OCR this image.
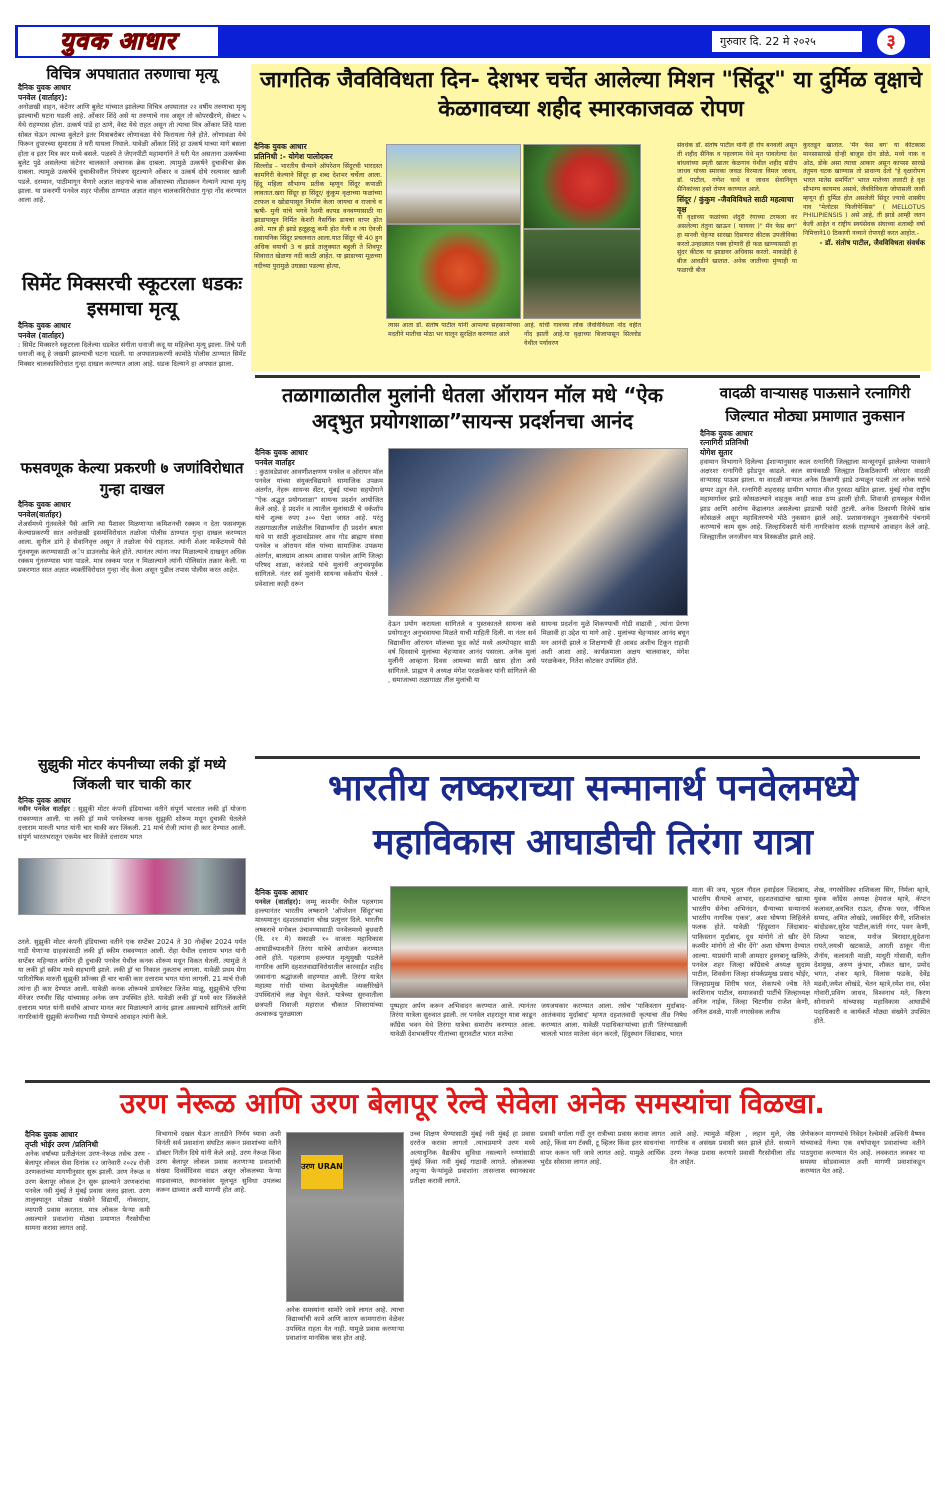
युवक आधार	गुरुवार दि. 22 मे २०२५	३
विचित्र अपघातात तरुणाचा मृत्यू
दैनिक युवक आधार
पनवेल (वार्ताहर):
अनोळखी वाहन, कंटेनर आणि बुलेट यांच्यात झालेल्या विचित्र अपघातात २२ वर्षीय तरुणाचा मृत्यू झाल्याची घटना घडली आहे. ओंकार शिंदे असे या तरुणाचे नाव असून तो कोपरखैरणे, सेक्टर ५ येथे राहण्यास होता. उत्कर्ष पांडे हा ठाणे, वेस्ट येथे राहत असून तो त्याचा मित्र ओंकार शिंदे याला सोबत घेऊन त्याच्या बुलेटने इतर मित्राबरोबर लोणावळा येथे फिरायला गेले होते. लोणावळा येथे फिरून दुपारच्या सुमारास ते घरी यायला निघाले. यावेळी ओंकार शिंदे हा उत्कर्ष याच्या मागे बसला होता व इतर मित्र कार मध्ये बसले. पळस्पे ते जेएनपीटी महामार्गाने ते घरी येत असताना उत्कर्षच्या बुलेट पुढे असलेल्या कंटेनर चालकाने अचानक ब्रेक दाबला. त्यामुळे उत्कर्षने दुचाकीचा ब्रेक दाबला. त्यामुळे उत्कर्षचे दुचाकीवरील नियंत्रण सुटल्याने ओंकार व उत्कर्ष दोघे रस्त्यावर खाली पडले. दरम्यान, पाठीमागून येणारे अज्ञात वाहनाचे चाक ओंकारच्या तोंडावरून गेल्याने त्याचा मृत्यू झाला. या प्रकरणी पनवेल शहर पोलीस ठाण्यात अज्ञात वाहन चालकाविरोधात गुन्हा नोंद करण्यात आला आहे.
सिमेंट मिक्सरची स्कूटरला धडकः इसमाचा मृत्यू
दैनिक युवक आधार
पनवेल (वार्ताहर)
: सिमेंट मिक्सरने स्कूटरला दिलेल्या धडकेत संगीता धनाजी कदू या महिलेचा मृत्यू झाला. तिचे पती धनाजी कदू हे जखमी झाल्याची घटना घडली. या अपघातप्रकरणी कामोठे पोलीस ठाण्यात सिमेंट मिक्सर चालकाविरोधात गुन्हा दाखल करण्यात आला आहे. धडक दिल्याने हा अपघात झाला.
फसवणूक केल्या प्रकरणी ७ जणांविरोधात गुन्हा दाखल
दैनिक युवक आधार
पनवेल(वार्ताहर)
शेअर्समध्ये गुंतवलेले पैसे आणि त्या पैशावर मिळणाऱ्या कमिशनची रक्कम न देता फसवणूक केल्याप्रकरणी सात अनोळखी इसमांविरोधात तळोजा पोलीस ठाण्यात गुन्हा दाखल करण्यात आला. सुनील डांगे हे सेवानिवृत्त असून ते तळोजा येथे राहतात. त्यांनी शेअर मार्केटमध्ये पैसे गुंतवणूक करण्यासाठी अॅप डाउनलोड केले होते. त्यानंतर त्यांना नफा मिळाल्याचे दाखवून अधिक रक्कम गुंतवण्यास भाग पाडले. मात्र रक्कम परत न मिळाल्याने त्यांनी पोलिसांत तक्रार केली. या प्रकरणात सात अज्ञात व्यक्तींविरोधात गुन्हा नोंद केला असून पुढील तपास पोलीस करत आहेत.
सुझुकी मोटर कंपनीच्या लकी ड्रॉ मध्ये जिंकली चार चाकी कार
दैनिक युवक आधार
नवीन पनवेल वार्ताहर : सुझुकी मोटर कंपनी इंडियाच्या वतीने संपूर्ण भारतात लकी ड्रॉ योजना राबवण्यात आली. या लकी ड्रॉ मध्ये पनवेलच्या कनक सुझुकी शोरूम मधून दुचाकी घेतलेले दत्ताराम मारुती भगत यांनी चार चाकी कार जिंकली. 21 मार्च रोजी त्यांना ही कार देण्यात आली. संपूर्ण भारतभरातून एकमेव चार विजेते दत्ताराम भगत
ठरले. सुझुकी मोटर कंपनी इंडियाच्या वतीने एक सप्टेंबर 2024 ते 30 नोव्हेंबर 2024 पर्यंत गाडी घेणाऱ्या ग्राहकांसाठी लकी ड्रॉ स्कीम राबवण्यात आली. रोहा येथील दत्ताराम भगत यांनी सप्टेंबर महिन्यात बर्गमेन ही दुचाकी पनवेल येथील कनक शोरूम मधून विकत घेतली. त्यामुळे ते या लकी ड्रॉ स्कीम मध्ये सहभागी झाले. लकी ड्रॉ चा निकाल नुकताच लागला. यावेळी प्रथम मेगा पारितोषिक मारुती सुझुकी फ्रॉन्क्स ही चार चाकी कार दत्ताराम भगत यांना लागली. 21 मार्च रोजी त्यांना ही कार देण्यात आली. यावेळी कनक शोरूमचे डायरेक्टर जितेश माळू, सुझुकीचे एरिया मॅनेजर रणवीर सिंह यांच्यासह अनेक जण उपस्थित होते. यावेळी लकी ड्रॉ मध्ये कार जिंकलेले दत्ताराम भगत यांनी सर्वांचे आभार मानत कार मिळाल्याने आनंद झाला असल्याचे सांगितले आणि नागरिकांनी सुझुकी कंपनीच्या गाडी घेण्याचे आवाहन त्यांनी केले.
जागतिक जैवविविधता दिन- देशभर चर्चेत आलेल्या मिशन "सिंदूर" या दुर्मिळ वृक्षाचे केळगावच्या शहीद स्मारकाजवळ रोपण
दैनिक युवक आधार
प्रतिनिधी :- योगेश पालोदकर
सिल्लोड - भारतीय सैन्याने ऑपरेशन सिंदूरची भारदस्त कामगिरी केल्याने सिंदूर हा शब्द देशभर चर्चेला आला. हिंदू महिला सौभाग्य प्रतीक म्हणून सिंदूर कपाळी लावतात.खरा सिंदूर हा सिंदूर/ कुंकुम वृक्षाच्या फळांच्या टरफल व खोडापासून निर्माण केला जायचा व राजाचे व ऋषी- मुनी यांचे भगवे रेशमी कापड वनवण्यासाठी या झाडापासून निर्मित केशरी नैसर्गिक डायचा वापर होत असे. मात्र ही झाडे हळूहळू कमी होत गेली व त्या ऐवजी रासायनिक सिंदूर प्रचलनात आला.यात सिंदूर ची 40 हुन अधिक वयाची 3 च झाडे तालुक्यात बहुली ते शिवपूर शिवारात खेळणा नदी काठी आहेत. या झाडाच्या मूळच्या नदीच्या पुरामुळे उघड्या पडल्या होत्या,
त्यास आता डॉ. संतोष पाटील यांनी आपल्या सहकाऱ्यांच्या मदतीने मातीचा मोठा भर घालून सुरक्षित करण्यात आले
आहे. यांची गावच्या लोक जैवविविधता नोंद वहीत नोंद झाली आहे.या वृक्षाच्या बिजापासून सिल्लोड येथील पर्यावरण
संवर्धक डॉ. संतोष पाटील यांनी ही रोप बनवली असून ती शहीद सैनिक व पहलगाम येथे मृत पावलेल्या देश बांधवांच्या स्मृती खातर केळगाव येथील शहीद संदीप जाधव यांच्या स्मारका जवळ विरमाता विमल जाधव, डॉ. पाटील, गणेश चाथे व जाधव सेवानिवृत्त सैनिकांच्या हस्ते रोपण करण्यात आले.
सिंदूर / कुंकुम -जैवविविधते साठी महत्वाचा वृक्ष
या वृक्षाच्या फळांच्या शेंदुरी रंगाच्या टरफला वर असलेल्या तंतुना खाऊन ( फायवर )" मॅन फेस बग" हा मानवी चेहऱ्या सारखा दिसणारा कीटक उपजीविका करतो.उन्हाळ्यात पक्व होणारी ही फळ खाण्यासाठी हा सुंदर कीटक या झाडावर अधिवास करतो. माकडेही हे बीज आवडीने खातात. अनेक जातीच्या मुंग्याही या फळाची बीज
कुरतडून खातात. 'मॅन फेस बग' या कीटकास मानसासारखे दोन्ही बाजूस दोन डोळे, मध्ये नाक व ओठ, डोके असा त्याचा आकार असून कापसा सारखे तंतुमय घटक खाण्यास तो प्राधान्य देतो "हे वृक्षारोपण भारत मातेस समर्पित" भारत मातेच्या ललाटी हे वृक्ष सौभाग्य कायमच असावे, जैवविविधता जोपासली जावी म्हणून ही दुर्मिळ होत असलेली सिंदूर ज्याचे शास्त्रीय नाव "मेलोटस फिलीपेन्सिस" ( MELLOTUS PHILIPIENSIS ) असे आहे, ती झाडे आम्ही जतन केली आहेत व राष्ट्रीय स्वयंसेवक संघाच्या शताब्दी वर्षा निमित्ताने10 ठिकाणी नव्याने रोपणही करत आहोत.-
- डॉ. संतोष पाटील, जैवविविधता संवर्धक
तळागाळातील मुलांनी धेतला ऑरायन मॉल मधे “ऐक अद्‌भुत प्रयोगशाळा”सायन्स प्रदर्शनचा आनंद
दैनिक युवक आधार
पनवेल वार्ताहर
: कुठावडेप्रावर आवणीशक्षणण पनवेल व ऑरायन मॉल पनवेल यांच्या संयुक्तविद्यमाने सामाजिक उपक्रम अंतर्गत, नेहरू सायन्स सेंटर, मुंबई यांच्या सहयोगाने "ऐक अद्भुत प्रयोगशाळा" सायन्स प्रदर्शन आयोजित केले आहे. हे प्रदर्शन व त्यातील मुलांसाठी चे वर्कशॉप यांचे शुल्क रुपए ३०० पेक्षा जास्त आहे. परंतु तळागाळातील शाळेतील विद्यार्थ्यांना ही प्रदर्शन बघता यावे या साठी कुठावडेप्रावर आव गोड ब्राह्मण संस्था पनवेल व ऑरायन मॉल यांच्या सामाजिक उपक्रमा अंतर्गत, बालग्राम आश्रम आवास पनवेल आणि जिल्हा परिषद शाळा, करंजाडे यांचे मुलांनी अनुभवपूर्वक सांगितले. नंतर सर्व मुलांनी सायन्स वर्कशॉप घेतले . प्रवेशाला काही दरून
देऊन प्रयोग करायला सांगितले व पुस्तकातले सायन्स कसे प्रयोगातून अनुभवायचा मिळते याची माहिती दिली. या नंतर सर्व विद्यार्थीना ऑरायन मॉलच्या फूड कोर्ट मध्ये अल्पोपहार साठी वर्ष दिवसाचे मुलांच्या चेहऱ्यावर आनंद पसरला. अनेक मुलां मुलींनी आव्हाना दिवस आमच्या साठी खास होता असे सांगितले. प्राह्मण ये अध्यक्ष मंगेश परळकेकर यांनी सांगितले की , समाजाच्या तळागाळा तील मुलांची या
सायन्स प्रदर्शना मुळे शिकण्याची गोडी वाढावी , त्यांना प्रेरणा मिळावी हा उद्देश या मागे आहे . मुलांच्या चेहऱ्यावर आनंद बघून मन आनंदी झाले व शिक्षणाची ही आवड अशीच टिकून राहावी अशी आशा आहे. कार्यक्रमाला अक्षय चालवाकर, मंगेश परळकेकर, नितेश कोटकर उपस्थित होते.
वादळी वाऱ्यासह पाऊसाने रत्नागिरी जिल्यात मोठ्या प्रमाणात नुकसान
दैनिक युवक आधार
रत्नागिरी प्रतिनिधी
योगेश सुतार
हवामान विभागाने दिलेल्या ईशाऱ्यानुसार काल रत्नागिरी जिल्ह्याला मान्सूनपूर्व झालेल्या पावसाने अक्षरशः रत्नागिरी झोडपून काढले. काल सायंकाळी जिल्ह्यात ठिकठिकाणी जोरदार वादळी वाऱ्यासह पाऊस झाला. या वादळी वाऱ्यात अनेक ठिकाणी झाडे उन्मळून पडली तर अनेक घरांचे छप्पर उडून गेले. रत्नागिरी शहरासह ग्रामीण भागात वीज पुरवठा खंडित झाला. मुंबई गोवा राष्ट्रीय महामार्गावर झाडे कोसळल्याने वाहतूक काही काळ ठप्प झाली होती. शिवाजी हायस्कूल येथील झाड आणि आरोग्य केंद्रालगत असलेल्या झाडाची फांदी तुटली. अनेक ठिकाणी विजेचे खांब कोसळले असून महावितरणचे मोठे नुकसान झाले आहे. प्रशासनाकडून नुकसानीचे पंचनामे करण्याचे काम सुरू आहे. जिल्हाधिकारी यांनी नागरिकांना सतर्क राहण्याचे आवाहन केले आहे. जिल्ह्यातील जनजीवन मात्र विस्कळीत झाले आहे.
भारतीय लष्कराच्या सन्मानार्थ पनवेलमध्ये महाविकास आघाडीची तिरंगा यात्रा
दैनिक युवक आधार
पनवेल (वार्ताहर): जम्मू काश्मीर येथील पहलगाम हल्ल्यानंतर भारतीय लष्कराने 'ऑपरेशन सिंदूर'च्या माध्यमातून दहशतवाद्यांना चोख प्रत्युत्तर दिले. भारतीय लष्कराचे मनोबल उंचावण्यासाठी पनवेलमध्ये बुधवारी (दि. २१ मे) सकाळी १० वाजता महाविकास आघाडीच्यावतीने तिरंगा यात्रेचे आयोजन करण्यात आले होते. पहलगाम हल्ल्यात मृत्युमुखी पडलेले नागरिक आणि दहशतवाद्यांविरोधातील कारवाईत शहीद जवानांना श्रद्धांजली वाहण्यात आली. तिरंगा यात्रेत महात्मा गांधी यांच्या वेशभूषेतील व्यक्तीरेखेने उपस्थितांचे लक्ष वेधून घेतले. यात्रेच्या सुरुवातीला छत्रपती शिवाजी महाराज चौकात शिवरायांच्या अश्वारूढ पुतळ्याला
पुष्पहार अर्पण करून अभिवादन करण्यात आले. त्यानंतर तिरंगा यात्रेला सुरुवात झाली. तर पनवेल शहरातून यात्रा काढून काँग्रेस भवन येथे तिरंगा यात्रेचा समारोप करण्यात आला. यावेळी देशभक्तीपर गीतांच्या सुरावटीत भारत मातेचा
जयजयकार करण्यात आला. तसेच 'पाकिस्तान मुर्दाबाद- आतंकवाद मुर्दाबाद' म्हणत दहशतवादी कृत्याचा तीव्र निषेध करण्यात आला. यावेळी पदाधिकाऱ्यांच्या हाती 'तिरंग्याखाली चालतो भारत मातेला वंदन करतो, हिंदुस्थान जिंदाबाद, भारत
माता की जय, भूदल नौदल हवाईदल जिंदाबाद, भारतीय सैन्याचे आभार, दहशतवाद्यांचा खात्मा भारतीय सेनेचा अभिनंदन, सैन्याच्या सन्मानार्थ भारतीय नागरिक एकत्र', अशा घोषणा लिहिलेले फलक होते. यावेळी 'हिंदुस्तान जिंदाबाद- पाकिस्तान मुर्दाबाद, दूध मांगोगे तो खीर देंगे कश्मीर मांगोगे तो चीर देंगे' अशा घोषणा देण्यात आल्या. याप्रसंगी माजी आमदार हुस्नबानू खलिफे, पनवेल शहर जिल्हा काँग्रेसचे अध्यक्ष सुदाम पाटील, शिवसेना जिल्हा संपर्कप्रमुख प्रसाद भोईर, जिल्हाप्रमुख शिरीष घरत, शेकापचे ज्येष्ठ नेते काशिनाथ पाटील, समाजवादी पार्टीचे जिल्हाध्यक्ष अनिल नाईक, जिल्हा चिटणीस राजेश केणी, अनिल ढवळे, माजी नगरसेवक लतीफ
शेख, नगरसेविका शशिकला सिंग, निर्मला म्हात्रे, युवक काँग्रेस अध्यक्ष हेमराज म्हात्रे, कॅप्टन कलावत,अवचित राऊत, दीपक घरत, नौफिल सय्यद, अमित लोखंडे, जसविंदर सैनी, शशिकांत बांदोडकर,सुरेश पाटील,कांती गंगर, पवन केणी, शिल्पा फाटक, मनोज बिरादार,सुदेशना रायते,जयश्री खटकाळे, आरती ठाकूर नीता शैनॉय, कलावती माळी, माधुरी गोसावी, यतीन देशमुख, अरुण कुंभार, शौकत खान, प्रमोद भगत, शंकर म्हात्रे, विलास फडके, देवेंद्र मढवी,जयेश लोखंडे, चेतन म्हात्रे,रमेश राव, रमेश गोवारी,प्रविण जाधव, विश्वनाथ मते, किरण सोनावणे यांच्यासह महाविकास आघाडीचे पदाधिकारी व कार्यकर्ते मोठ्या संख्येने उपस्थित होते.
उरण नेरूळ आणि उरण बेलापूर रेल्वे सेवेला अनेक समस्यांचा विळखा.
दैनिक युवक आधार
तृप्ती भोईर उरण /प्रतिनिधी
अनेक वर्षांच्या प्रतीक्षेनंतर उरण-नेरूळ तसेच उरण - बेलापूर लोकल सेवा दिनांक १२ जानेवारी २०२४ रोजी उरणकरांच्या मागणीनुसार सुरू झाली. उरण नेरूळ व उरण बेलापूर लोकल ट्रेन सुरू झाल्याने उरणकरांचा पनवेल नवी मुंबई ते मुंबई प्रवास जलद झाला. उरण तालुक्यातून मोठ्या संख्येने विद्यार्थी, नोकरदार, व्यापारी प्रवास करतात. मात्र लोकल फेऱ्या कमी असल्याने प्रवाशांना मोठ्या प्रमाणात गैरसोयीचा सामना करावा लागत आहे.
विभागाचे दखल घेऊन तातडीने निर्णय घ्यावा अशी विनंती सर्व प्रवाशांना संघटित करून प्रवाशांच्या वतीने डॉक्टर नितीन दिघे यांनी केले आहे. उरण नेरूळ किंवा उरण बेलापूर लोकल प्रवास करणाऱ्या प्रवाशांची संख्या दिवसेंदिवस वाढत असून लोकलच्या फेऱ्या वाढवाव्यात, स्थानकांवर मूलभूत सुविधा उपलब्ध करून द्याव्यात अशी मागणी होत आहे.
उरण URAN
अनेक समस्यांना सामोरे जावे लागत आहे. त्याचा विद्यार्थ्यांची कामे आणि कारण कामगारांना वेळेवर उपस्थित राहता येत नाही. यामुळे प्रवास करणाऱ्या प्रवाशांना मानसिक त्रास होत आहे.
उच्च शिक्षण घेण्यासाठी मुंबई नवी मुंबई हा प्रवास दररोज करावा लागतो .त्याचप्रमाणे उरण मध्ये अत्याधुनिक वैद्यकीय सुविधा नसल्याने रुग्णांसाठी मुंबई किंवा नवी मुंबई गाठावी लागते. लोकलच्या अपुऱ्या फेऱ्यांमुळे प्रवाशांना तासन्तास स्थानकावर प्रतीक्षा करावी लागते.
प्रवासी वर्गाला गर्दी तून रात्रीच्या प्रवास करावा लागत आहे, किंवा मग टॅक्सी, टू व्हिलर किंवा इतर साधनांचा वापर करून घरी जावे लागत आहे. यामुळे आर्थिक भुर्दंड सोसावा लागत आहे.
आले आहे. त्यामुळे महिला , लहान मुले, जेष्ठ नागरिक व असंख्य प्रवासी त्रस्त झाले होते. सध्याने उरण नेरूळ प्रवास करणारे प्रवासी गैरसोयीला तोंड देत आहेत.
जेणेकरून मागण्यांचे निवेदन रेल्वेमंत्री अश्विनी वैष्णव यांच्याकडे गेल्या एक वर्षापासून प्रवाशांच्या वतीने पाठपुरावा करण्यात येत आहे. लवकरात लवकर या समस्या सोडवाव्यात अशी मागणी प्रवाशांकडून करण्यात येत आहे.
